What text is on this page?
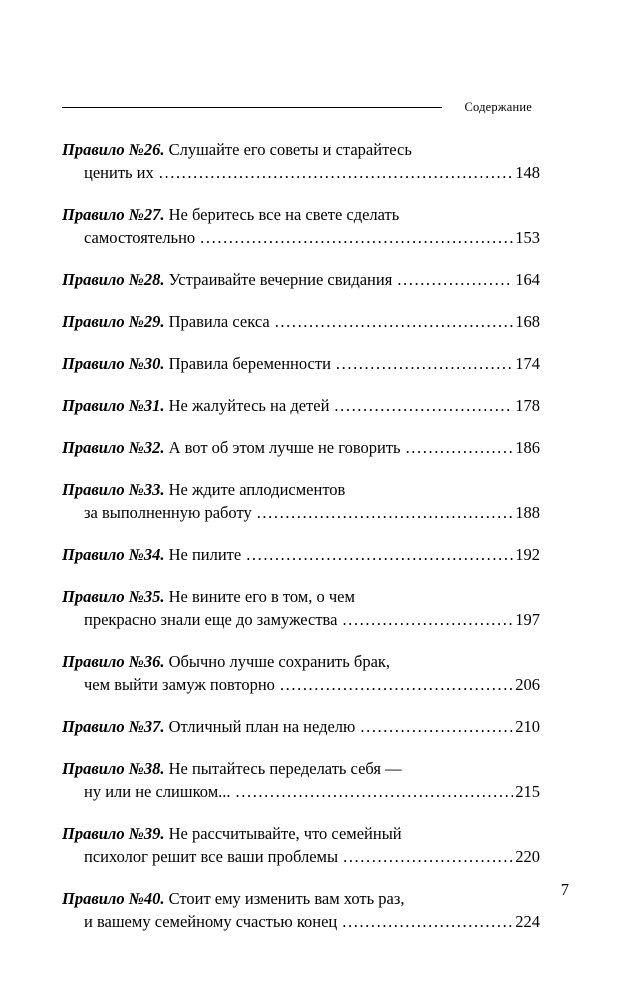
Содержание
Правило №26. Слушайте его советы и старайтесь
ценить их .....	148
Правило №27. Не беритесь все на свете сделать
самостоятельно .....	153
Правило №28. Устраивайте вечерние свидания .....	164
Правило №29. Правила секса .....	168
Правило №30. Правила беременности .....	174
Правило №31. Не жалуйтесь на детей .....	178
Правило №32. А вот об этом лучше не говорить .....	186
Правило №33. Не ждите аплодисментов
за выполненную работу .....	188
Правило №34. Не пилите .....	192
Правило №35. Не вините его в том, о чем
прекрасно знали еще до замужества .....	197
Правило №36. Обычно лучше сохранить брак,
чем выйти замуж повторно .....	206
Правило №37. Отличный план на неделю .....	210
Правило №38. Не пытайтесь переделать себя —
ну или не слишком... .....	215
Правило №39. Не рассчитывайте, что семейный
психолог решит все ваши проблемы .....	220
Правило №40. Стоит ему изменить вам хоть раз,
и вашему семейному счастью конец .....	224
7
